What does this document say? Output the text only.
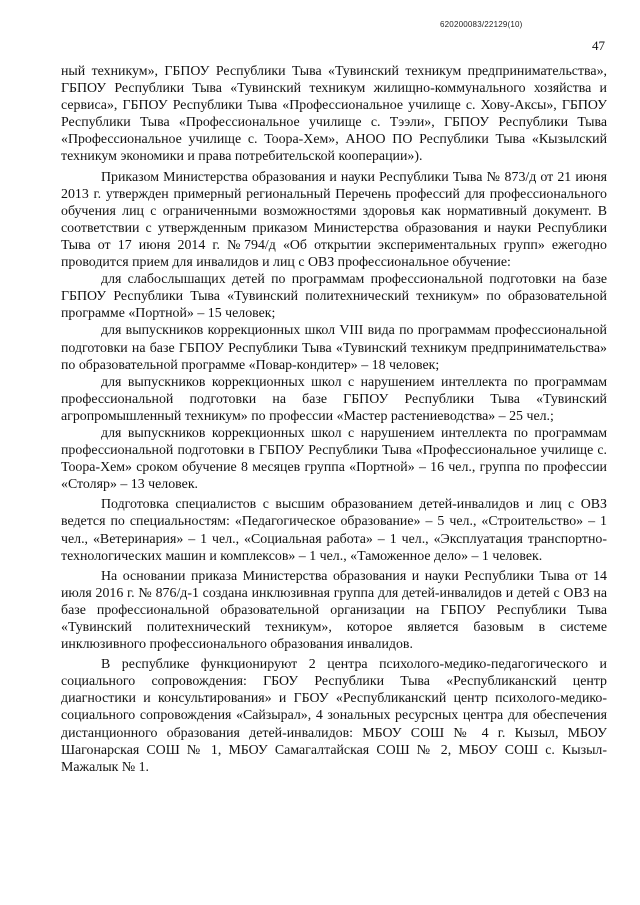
620200083/22129(10)
47

ный техникум», ГБПОУ Республики Тыва «Тувинский техникум предпринимательства», ГБПОУ Республики Тыва «Тувинский техникум жилищно-коммунального хозяйства и сервиса», ГБПОУ Республики Тыва «Профессиональное училище с. Хову-Аксы», ГБПОУ Республики Тыва «Профессиональное училище с. Тээли», ГБПОУ Республики Тыва «Профессиональное училище с. Тоора-Хем», АНОО ПО Республики Тыва «Кызылский техникум экономики и права потребительской кооперации»).

Приказом Министерства образования и науки Республики Тыва № 873/д от 21 июня 2013 г. утвержден примерный региональный Перечень профессий для профессионального обучения лиц с ограниченными возможностями здоровья как нормативный документ. В соответствии с утвержденным приказом Министерства образования и науки Республики Тыва от 17 июня 2014 г. №794/д «Об открытии экспериментальных групп» ежегодно проводится прием для инвалидов и лиц с ОВЗ профессиональное обучение:

для слабослышащих детей по программам профессиональной подготовки на базе ГБПОУ Республики Тыва «Тувинский политехнический техникум» по образовательной программе «Портной» – 15 человек;

для выпускников коррекционных школ VIII вида по программам профессиональной подготовки на базе ГБПОУ Республики Тыва «Тувинский техникум предпринимательства» по образовательной программе «Повар-кондитер» – 18 человек;

для выпускников коррекционных школ с нарушением интеллекта по программам профессиональной подготовки на базе ГБПОУ Республики Тыва «Тувинский агропромышленный техникум» по профессии «Мастер растениеводства» – 25 чел.;

для выпускников коррекционных школ с нарушением интеллекта по программам профессиональной подготовки в ГБПОУ Республики Тыва «Профессиональное училище с. Тоора-Хем» сроком обучение 8 месяцев группа «Портной» – 16 чел., группа по профессии «Столяр» – 13 человек.

Подготовка специалистов с высшим образованием детей-инвалидов и лиц с ОВЗ ведется по специальностям: «Педагогическое образование» – 5 чел., «Строительство» – 1 чел., «Ветеринария» – 1 чел., «Социальная работа» – 1 чел., «Эксплуатация транспортно-технологических машин и комплексов» – 1 чел., «Таможенное дело» – 1 человек.

На основании приказа Министерства образования и науки Республики Тыва от 14 июля 2016 г. № 876/д-1 создана инклюзивная группа для детей-инвалидов и детей с ОВЗ на базе профессиональной образовательной организации на ГБПОУ Республики Тыва «Тувинский политехнический техникум», которое является базовым в системе инклюзивного профессионального образования инвалидов.

В республике функционируют 2 центра психолого-медико-педагогического и социального сопровождения: ГБОУ Республики Тыва «Республиканский центр диагностики и консультирования» и ГБОУ «Республиканский центр психолого-медико-социального сопровождения «Сайзырал», 4 зональных ресурсных центра для обеспечения дистанционного образования детей-инвалидов: МБОУ СОШ № 4 г. Кызыл, МБОУ Шагонарская СОШ № 1, МБОУ Самагалтайская СОШ № 2, МБОУ СОШ с. Кызыл-Мажалык № 1.
